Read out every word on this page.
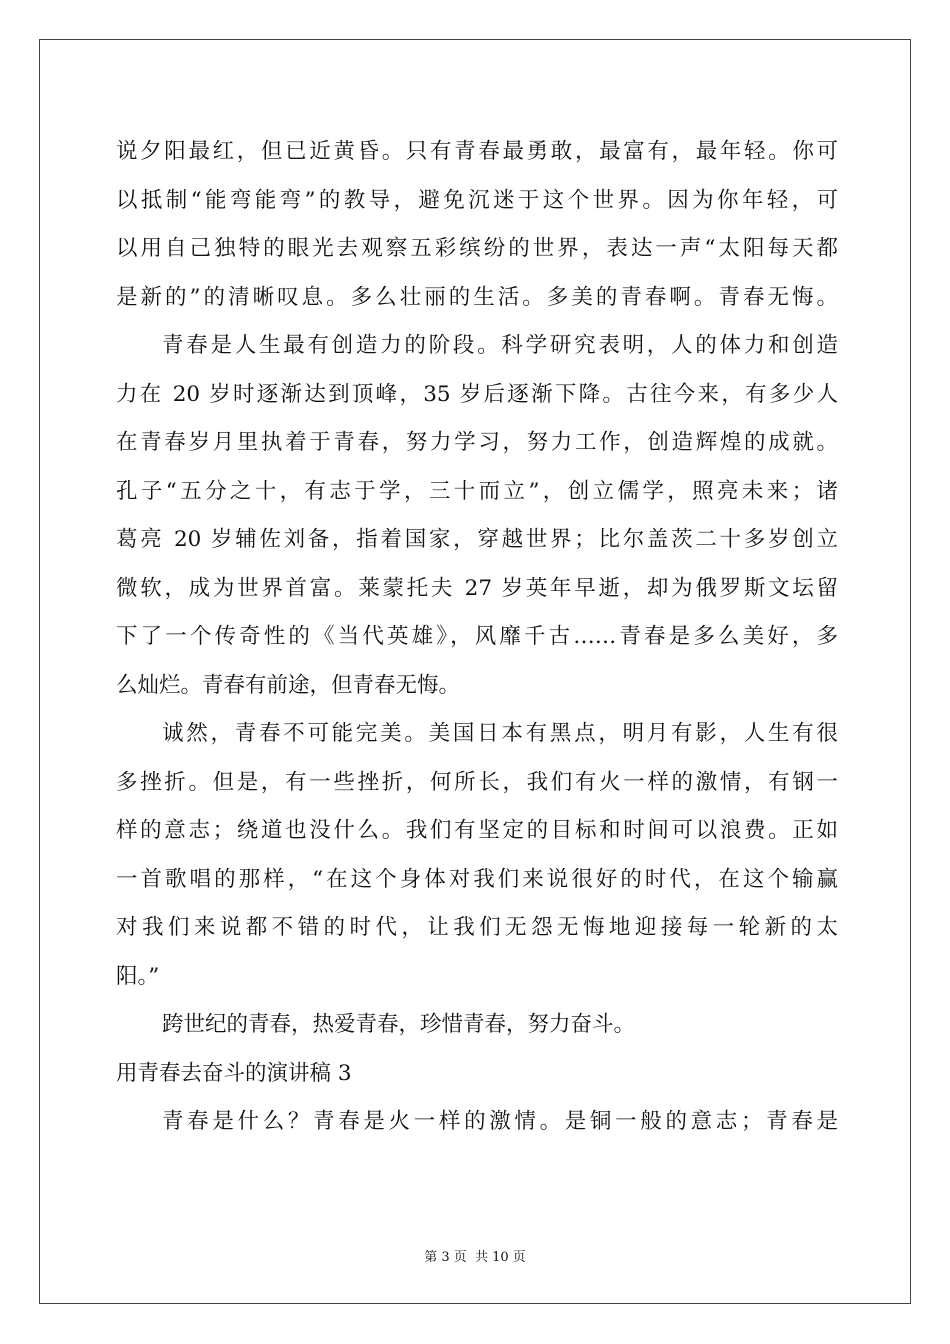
说夕阳最红，但已近黄昏。只有青春最勇敢，最富有，最年轻。你可
以抵制“能弯能弯”的教导，避免沉迷于这个世界。因为你年轻，可
以用自己独特的眼光去观察五彩缤纷的世界，表达一声“太阳每天都
是新的”的清晰叹息。多么壮丽的生活。多美的青春啊。青春无悔。
青春是人生最有创造力的阶段。科学研究表明，人的体力和创造
力在 20 岁时逐渐达到顶峰，35 岁后逐渐下降。古往今来，有多少人
在青春岁月里执着于青春，努力学习，努力工作，创造辉煌的成就。
孔子“五分之十，有志于学，三十而立”，创立儒学，照亮未来；诸
葛亮 20 岁辅佐刘备，指着国家，穿越世界；比尔盖茨二十多岁创立
微软，成为世界首富。莱蒙托夫 27 岁英年早逝，却为俄罗斯文坛留
下了一个传奇性的《当代英雄》，风靡千古……青春是多么美好，多
么灿烂。青春有前途，但青春无悔。
诚然，青春不可能完美。美国日本有黑点，明月有影，人生有很
多挫折。但是，有一些挫折，何所长，我们有火一样的激情，有钢一
样的意志；绕道也没什么。我们有坚定的目标和时间可以浪费。正如
一首歌唱的那样，“在这个身体对我们来说很好的时代，在这个输赢
对我们来说都不错的时代，让我们无怨无悔地迎接每一轮新的太
阳。”
跨世纪的青春，热爱青春，珍惜青春，努力奋斗。
用青春去奋斗的演讲稿 3
青春是什么？青春是火一样的激情。是铜一般的意志；青春是
第 3 页 共 10 页
